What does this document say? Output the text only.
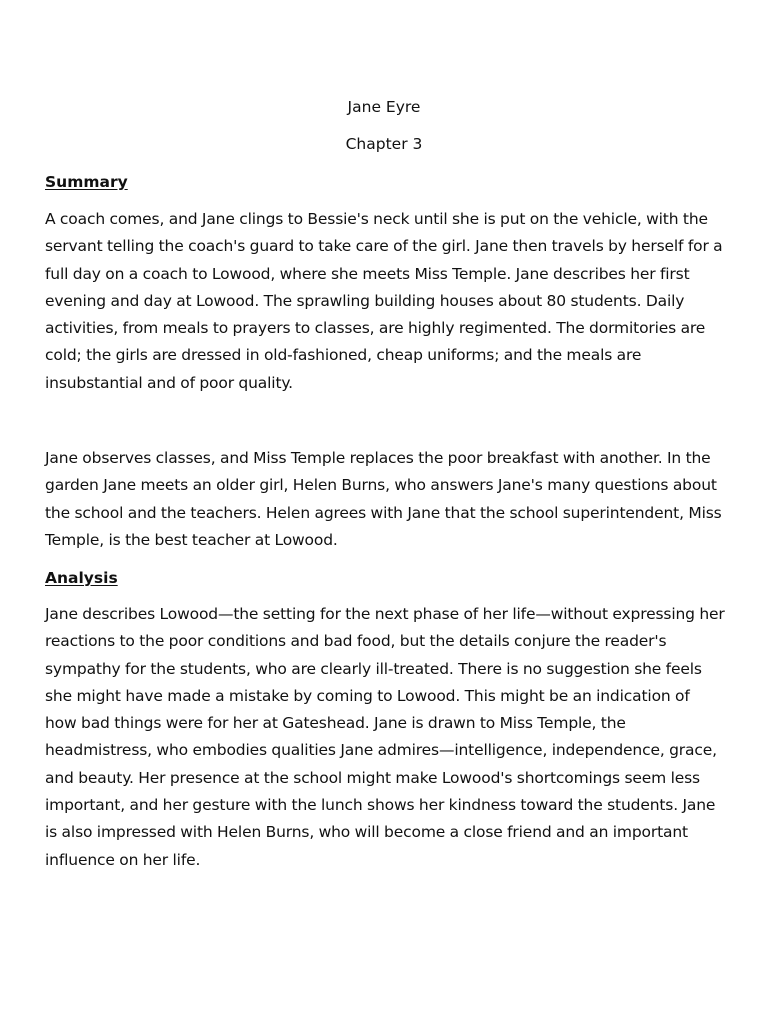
Jane Eyre
Chapter 3
Summary

A coach comes, and Jane clings to Bessie's neck until she is put on the vehicle, with the servant telling the coach's guard to take care of the girl. Jane then travels by herself for a full day on a coach to Lowood, where she meets Miss Temple. Jane describes her first evening and day at Lowood. The sprawling building houses about 80 students. Daily activities, from meals to prayers to classes, are highly regimented. The dormitories are cold; the girls are dressed in old-fashioned, cheap uniforms; and the meals are insubstantial and of poor quality.

Jane observes classes, and Miss Temple replaces the poor breakfast with another. In the garden Jane meets an older girl, Helen Burns, who answers Jane's many questions about the school and the teachers. Helen agrees with Jane that the school superintendent, Miss Temple, is the best teacher at Lowood.

Analysis

Jane describes Lowood—the setting for the next phase of her life—without expressing her reactions to the poor conditions and bad food, but the details conjure the reader's sympathy for the students, who are clearly ill-treated. There is no suggestion she feels she might have made a mistake by coming to Lowood. This might be an indication of how bad things were for her at Gateshead. Jane is drawn to Miss Temple, the headmistress, who embodies qualities Jane admires—intelligence, independence, grace, and beauty. Her presence at the school might make Lowood's shortcomings seem less important, and her gesture with the lunch shows her kindness toward the students. Jane is also impressed with Helen Burns, who will become a close friend and an important influence on her life.
